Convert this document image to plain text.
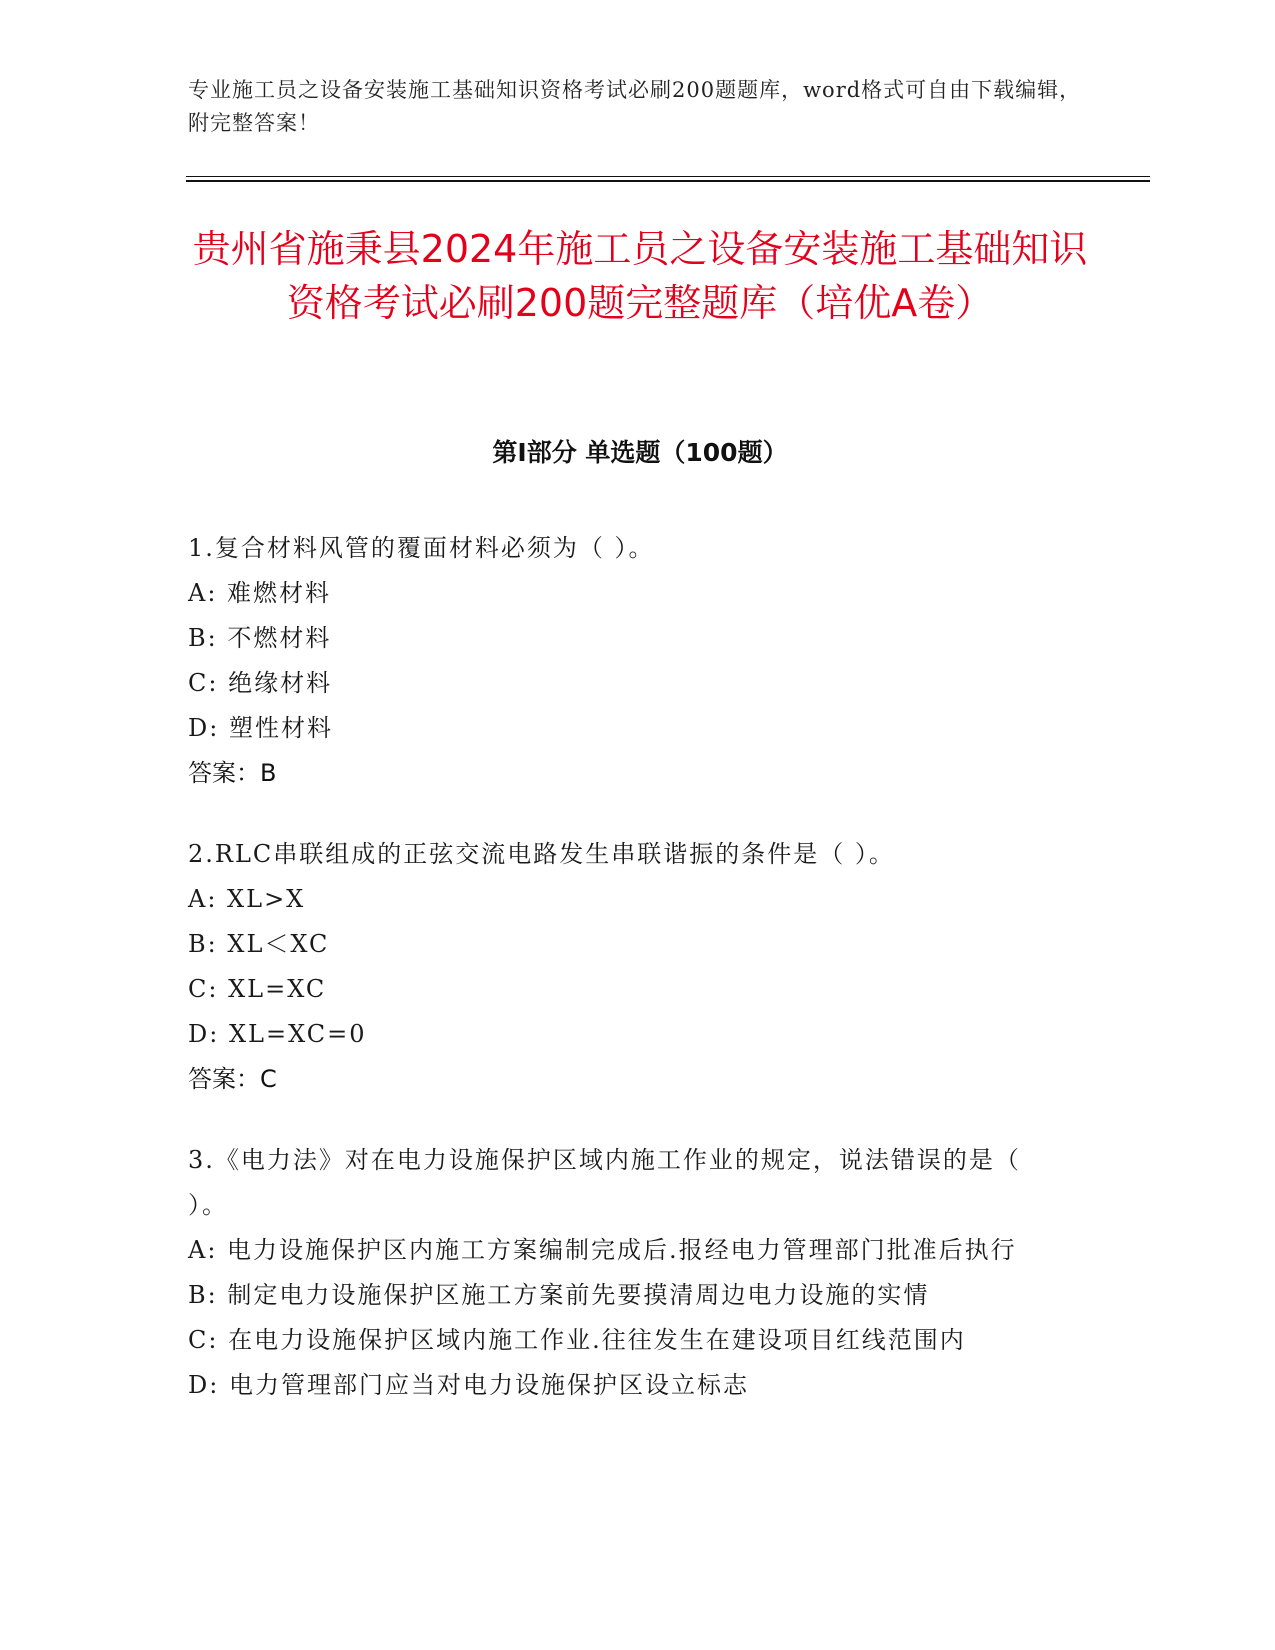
专业施工员之设备安装施工基础知识资格考试必刷200题题库，word格式可自由下载编辑，附完整答案！
贵州省施秉县2024年施工员之设备安装施工基础知识资格考试必刷200题完整题库（培优A卷）
第Ⅰ部分 单选题（100题）
1.复合材料风管的覆面材料必须为（ ）。
A: 难燃材料
B: 不燃材料
C: 绝缘材料
D: 塑性材料
答案：B
2.RLC串联组成的正弦交流电路发生串联谐振的条件是（ ）。
A: XL>X
B: XL＜XC
C: XL=XC
D: XL=XC=0
答案：C
3.《电力法》对在电力设施保护区域内施工作业的规定，说法错误的是（ ）。
A: 电力设施保护区内施工方案编制完成后.报经电力管理部门批准后执行
B: 制定电力设施保护区施工方案前先要摸清周边电力设施的实情
C: 在电力设施保护区域内施工作业.往往发生在建设项目红线范围内
D: 电力管理部门应当对电力设施保护区设立标志
